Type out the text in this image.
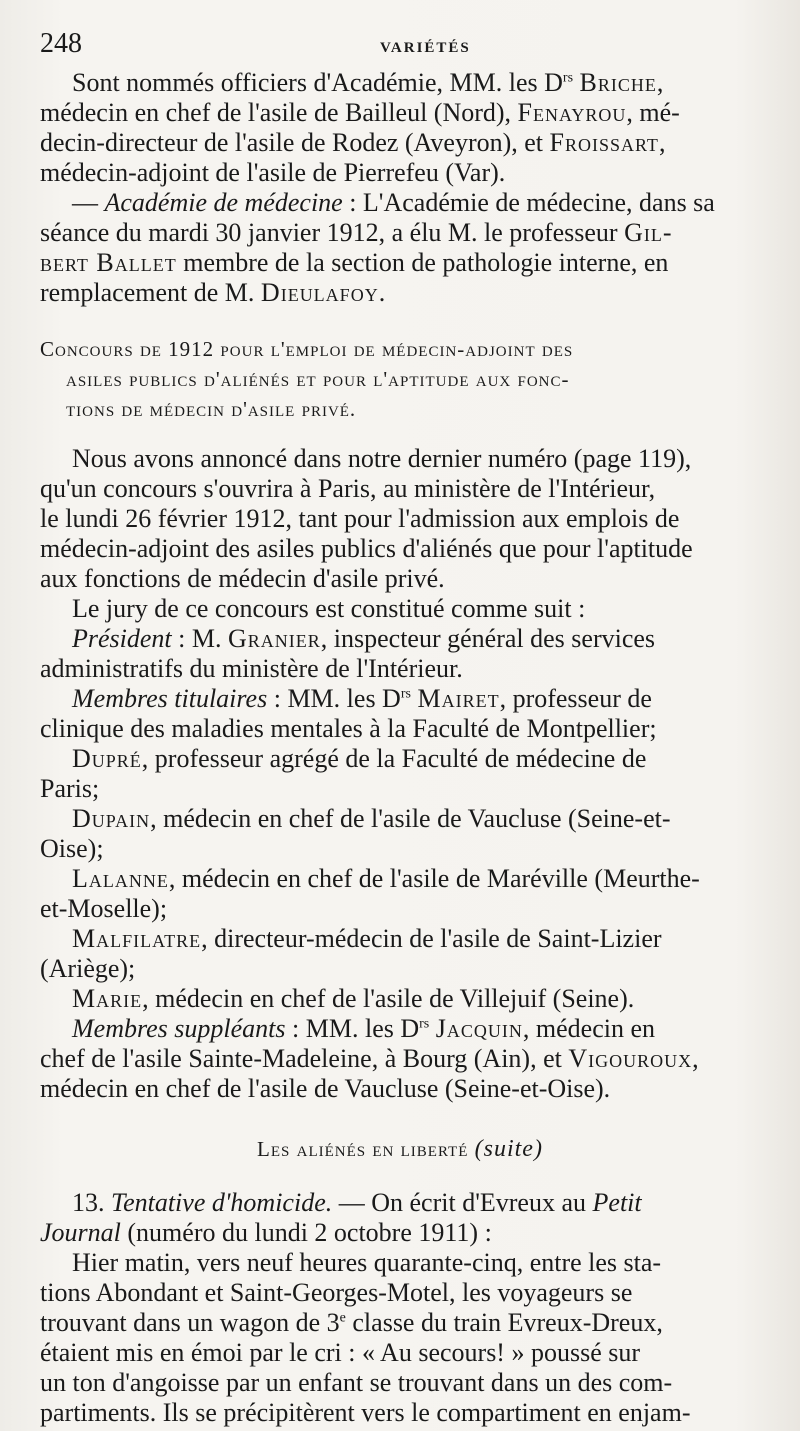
248	VARIÉTÉS
Sont nommés officiers d'Académie, MM. les $D^{rs}$ Briche,
médecin en chef de l'asile de Bailleul (Nord), Fenayrou, mé-
decin-directeur de l'asile de Rodez (Aveyron), et Froissart,
médecin-adjoint de l'asile de Pierrefeu (Var).
— Académie de médecine : L'Académie de médecine, dans sa
séance du mardi 30 janvier 1912, a élu M. le professeur Gil-
bert Ballet membre de la section de pathologie interne, en
remplacement de M. Dieulafoy.
Concours de 1912 pour l'emploi de médecin-adjoint des
asiles publics d'aliénés et pour l'aptitude aux fonc-
tions de médecin d'asile privé.
Nous avons annoncé dans notre dernier numéro (page 119),
qu'un concours s'ouvrira à Paris, au ministère de l'Intérieur,
le lundi 26 février 1912, tant pour l'admission aux emplois de
médecin-adjoint des asiles publics d'aliénés que pour l'aptitude
aux fonctions de médecin d'asile privé.
Le jury de ce concours est constitué comme suit :
Président : M. Granier, inspecteur général des services
administratifs du ministère de l'Intérieur.
Membres titulaires : MM. les $D^{rs}$ Mairet, professeur de
clinique des maladies mentales à la Faculté de Montpellier;
Dupré, professeur agrégé de la Faculté de médecine de
Paris;
Dupain, médecin en chef de l'asile de Vaucluse (Seine-et-
Oise);
Lalanne, médecin en chef de l'asile de Maréville (Meurthe-
et-Moselle);
Malfilatre, directeur-médecin de l'asile de Saint-Lizier
(Ariège);
Marie, médecin en chef de l'asile de Villejuif (Seine).
Membres suppléants : MM. les $D^{rs}$ Jacquin, médecin en
chef de l'asile Sainte-Madeleine, à Bourg (Ain), et Vigouroux,
médecin en chef de l'asile de Vaucluse (Seine-et-Oise).
Les aliénés en liberté (suite)
13. Tentative d'homicide. — On écrit d'Evreux au Petit
Journal (numéro du lundi 2 octobre 1911) :
Hier matin, vers neuf heures quarante-cinq, entre les sta-
tions Abondant et Saint-Georges-Motel, les voyageurs se
trouvant dans un wagon de 3e classe du train Evreux-Dreux,
étaient mis en émoi par le cri : « Au secours! » poussé sur
un ton d'angoisse par un enfant se trouvant dans un des com-
partiments. Ils se précipitèrent vers le compartiment en enjam-
